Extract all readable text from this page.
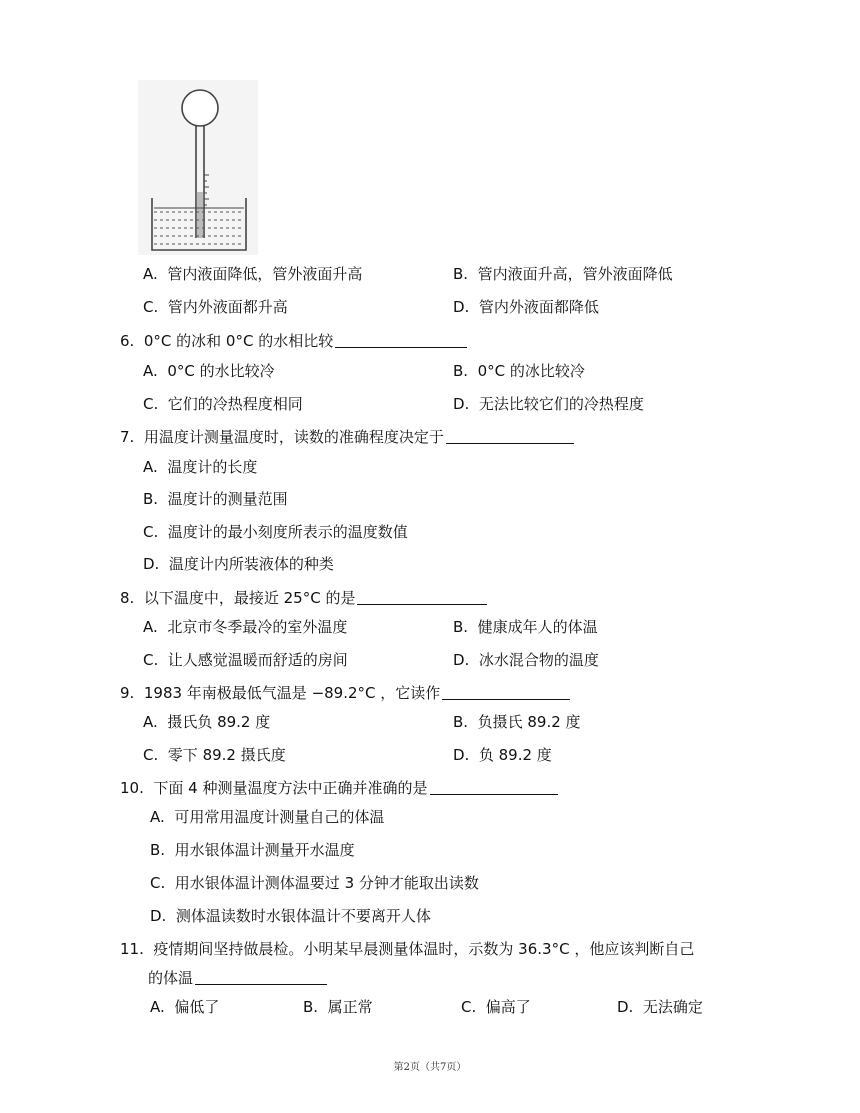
A. 管内液面降低，管外液面升高	B. 管内液面升高，管外液面降低
C. 管内外液面都升高	D. 管内外液面都降低
6. 0°C 的冰和 0°C 的水相比较
A. 0°C 的水比较冷	B. 0°C 的冰比较冷
C. 它们的冷热程度相同	D. 无法比较它们的冷热程度
7. 用温度计测量温度时，读数的准确程度决定于
A. 温度计的长度
B. 温度计的测量范围
C. 温度计的最小刻度所表示的温度数值
D. 温度计内所装液体的种类
8. 以下温度中，最接近 25°C 的是
A. 北京市冬季最冷的室外温度	B. 健康成年人的体温
C. 让人感觉温暖而舒适的房间	D. 冰水混合物的温度
9. 1983 年南极最低气温是 −89.2°C ，它读作
A. 摄氏负 89.2 度	B. 负摄氏 89.2 度
C. 零下 89.2 摄氏度	D. 负 89.2 度
10. 下面 4 种测量温度方法中正确并准确的是
A. 可用常用温度计测量自己的体温
B. 用水银体温计测量开水温度
C. 用水银体温计测体温要过 3 分钟才能取出读数
D. 测体温读数时水银体温计不要离开人体
11. 疫情期间坚持做晨检。小明某早晨测量体温时，示数为 36.3°C ，他应该判断自己
的体温
A. 偏低了	B. 属正常	C. 偏高了	D. 无法确定
第2页（共7页）
